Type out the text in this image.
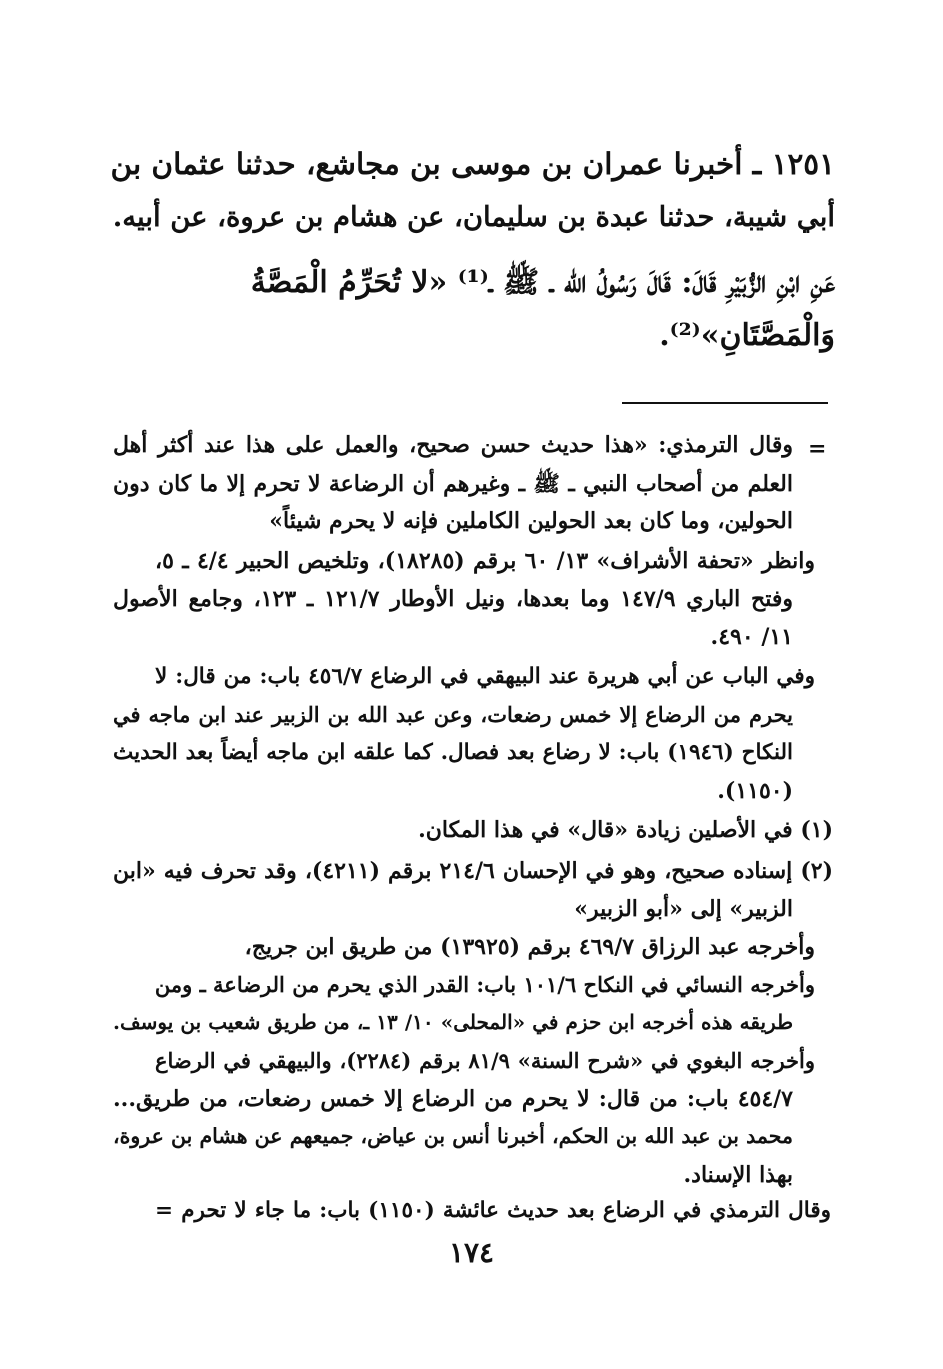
١٢٥١ ـ أخبرنا عمران بن موسى بن مجاشع، حدثنا عثمان بن
أبي شيبة، حدثنا عبدة بن سليمان، عن هشام بن عروة، عن أبيه.
عَنِ ابْنِ الزُّبَيْرِ قَالَ: قَالَ رَسُولُ الله ـ ﷺ ـ⁽¹⁾ «لا تُحَرِّمُ الْمَصَّةُ
وَالْمَصَّتَانِ»⁽²⁾.
=
وقال الترمذي: «هذا حديث حسن صحيح، والعمل على هذا عند أكثر أهل
العلم من أصحاب النبي ـ ﷺ ـ وغيرهم أن الرضاعة لا تحرم إلا ما كان دون
الحولين، وما كان بعد الحولين الكاملين فإنه لا يحرم شيئاً»
وانظر «تحفة الأشراف» ١٣/ ٦٠ برقم (١٨٢٨٥)، وتلخيص الحبير ٤/٤ ـ ٥،
وفتح الباري ١٤٧/٩ وما بعدها، ونيل الأوطار ١٢١/٧ ـ ١٢٣، وجامع الأصول
١١/ ٤٩٠.
وفي الباب عن أبي هريرة عند البيهقي في الرضاع ٤٥٦/٧ باب: من قال: لا
يحرم من الرضاع إلا خمس رضعات، وعن عبد الله بن الزبير عند ابن ماجه في
النكاح (١٩٤٦) باب: لا رضاع بعد فصال. كما علقه ابن ماجه أيضاً بعد الحديث
(١١٥٠).
(١) في الأصلين زيادة «قال» في هذا المكان.
(٢) إسناده صحيح، وهو في الإحسان ٢١٤/٦ برقم (٤٢١١)، وقد تحرف فيه «ابن
الزبير» إلى «أبو الزبير»
وأخرجه عبد الرزاق ٤٦٩/٧ برقم (١٣٩٢٥) من طريق ابن جريج،
وأخرجه النسائي في النكاح ١٠١/٦ باب: القدر الذي يحرم من الرضاعة ـ ومن
طريقه هذه أخرجه ابن حزم في «المحلى» ١٠/ ١٣ ـ، من طريق شعيب بن يوسف.
وأخرجه البغوي في «شرح السنة» ٨١/٩ برقم (٢٢٨٤)، والبيهقي في الرضاع
٤٥٤/٧ باب: من قال: لا يحرم من الرضاع إلا خمس رضعات، من طريق...
محمد بن عبد الله بن الحكم، أخبرنا أنس بن عياض، جميعهم عن هشام بن عروة،
بهذا الإسناد.
وقال الترمذي في الرضاع بعد حديث عائشة (١١٥٠) باب: ما جاء لا تحرم =
١٧٤
